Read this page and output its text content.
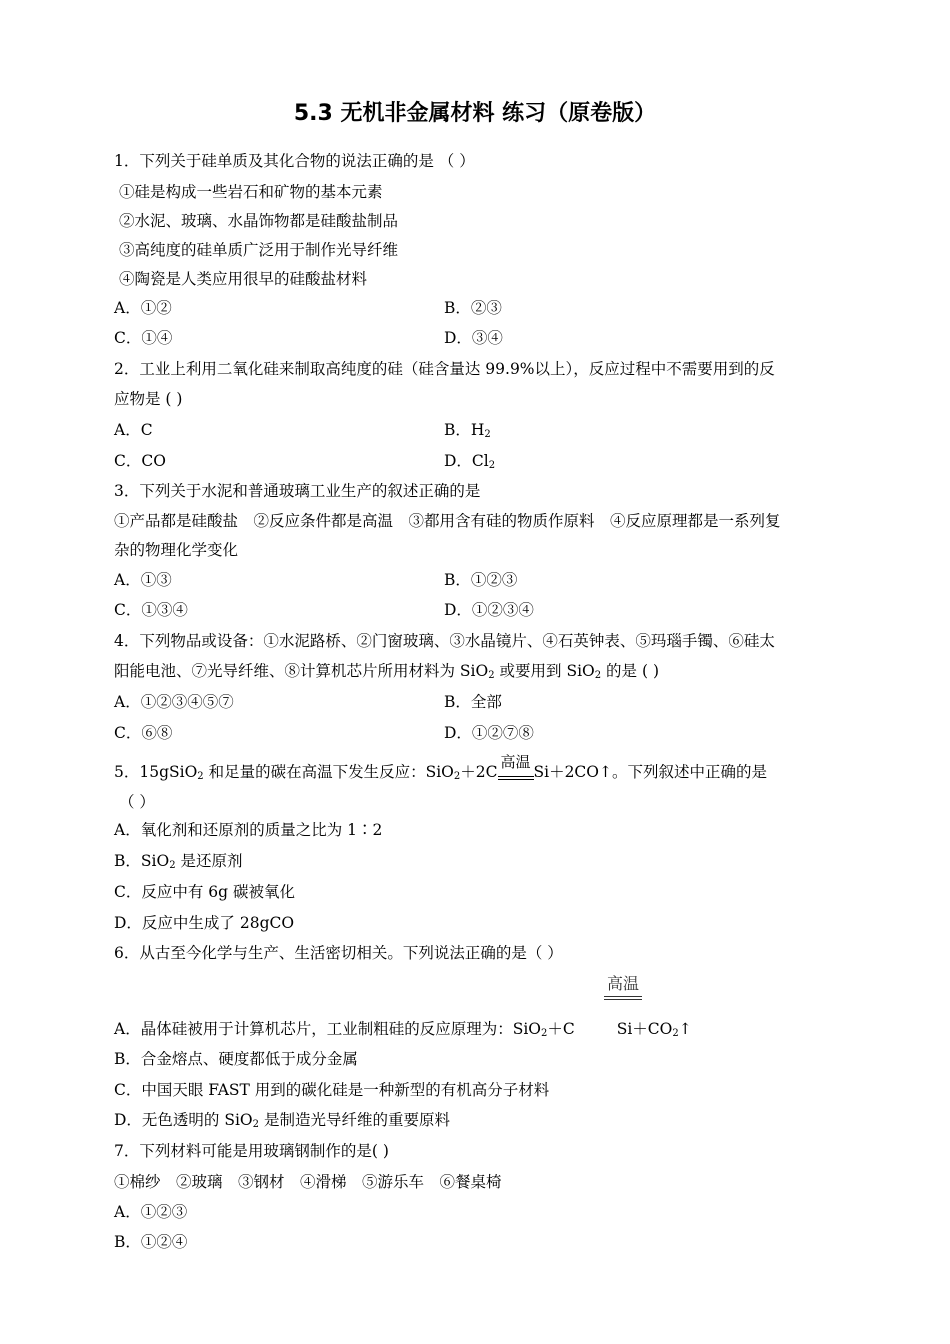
5.3 无机非金属材料 练习（原卷版）
1．下列关于硅单质及其化合物的说法正确的是 （ ）
①硅是构成一些岩石和矿物的基本元素
②水泥、玻璃、水晶饰物都是硅酸盐制品
③高纯度的硅单质广泛用于制作光导纤维
④陶瓷是人类应用很早的硅酸盐材料
A．①②	B．②③
C．①④	D．③④
2．工业上利用二氧化硅来制取高纯度的硅（硅含量达 99.9%以上），反应过程中不需要用到的反
应物是 ( )
A．C	B．$H_2$
C．CO	D．$Cl_2$
3．下列关于水泥和普通玻璃工业生产的叙述正确的是
①产品都是硅酸盐　②反应条件都是高温　③都用含有硅的物质作原料　④反应原理都是一系列复
杂的物理化学变化
A．①③	B．①②③
C．①③④	D．①②③④
4．下列物品或设备：①水泥路桥、②门窗玻璃、③水晶镜片、④石英钟表、⑤玛瑙手镯、⑥硅太
阳能电池、⑦光导纤维、⑧计算机芯片所用材料为 SiO$_2$ 或要用到 SiO$_2$ 的是 ( )
A．①②③④⑤⑦	B．全部
C．⑥⑧	D．①②⑦⑧
5．15gSiO$_2$ 和足量的碳在高温下发生反应：SiO$_2$＋2C
高温
Si＋2CO↑。下列叙述中正确的是
（ ）
A．氧化剂和还原剂的质量之比为 1∶2
B．SiO$_2$ 是还原剂
C．反应中有 6g 碳被氧化
D．反应中生成了 28gCO
6．从古至今化学与生产、生活密切相关。下列说法正确的是（ ）
高温
A．晶体硅被用于计算机芯片，工业制粗硅的反应原理为：SiO$_2$＋C	$Si+CO_2↑$
B．合金熔点、硬度都低于成分金属
C．中国天眼 FAST 用到的碳化硅是一种新型的有机高分子材料
D．无色透明的 SiO$_2$ 是制造光导纤维的重要原料
7．下列材料可能是用玻璃钢制作的是( )
①棉纱　②玻璃　③钢材　④滑梯　⑤游乐车　⑥餐桌椅
A．①②③
B．①②④
